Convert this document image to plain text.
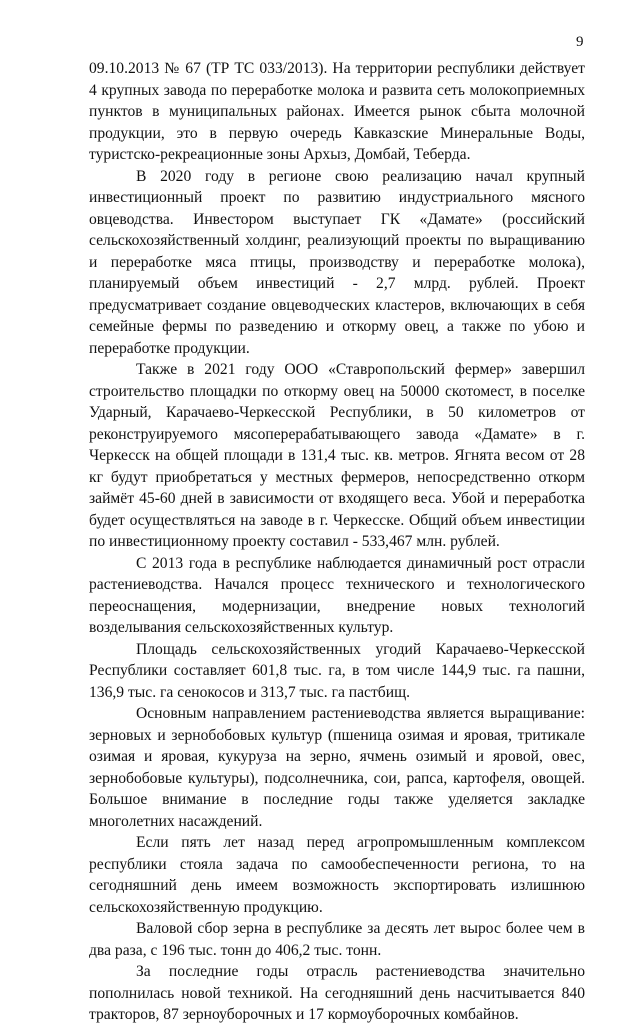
9

09.10.2013 № 67 (ТР ТС 033/2013). На территории республики действует 4 крупных завода по переработке молока и развита сеть молокоприемных пунктов в муниципальных районах. Имеется рынок сбыта молочной продукции, это в первую очередь Кавказские Минеральные Воды, туристско-рекреационные зоны Архыз, Домбай, Теберда.

В 2020 году в регионе свою реализацию начал крупный инвестиционный проект по развитию индустриального мясного овцеводства. Инвестором выступает ГК «Дамате» (российский сельскохозяйственный холдинг, реализующий проекты по выращиванию и переработке мяса птицы, производству и переработке молока), планируемый объем инвестиций - 2,7 млрд. рублей. Проект предусматривает создание овцеводческих кластеров, включающих в себя семейные фермы по разведению и откорму овец, а также по убою и переработке продукции.

Также в 2021 году ООО «Ставропольский фермер» завершил строительство площадки по откорму овец на 50000 скотомест, в поселке Ударный, Карачаево-Черкесской Республики, в 50 километров от реконструируемого мясоперерабатывающего завода «Дамате» в г. Черкесск на общей площади в 131,4 тыс. кв. метров. Ягнята весом от 28 кг будут приобретаться у местных фермеров, непосредственно откорм займёт 45-60 дней в зависимости от входящего веса. Убой и переработка будет осуществляться на заводе в г. Черкесске. Общий объем инвестиции по инвестиционному проекту составил - 533,467 млн. рублей.

С 2013 года в республике наблюдается динамичный рост отрасли растениеводства. Начался процесс технического и технологического переоснащения, модернизации, внедрение новых технологий возделывания сельскохозяйственных культур.

Площадь сельскохозяйственных угодий Карачаево-Черкесской Республики составляет 601,8 тыс. га, в том числе 144,9 тыс. га пашни, 136,9 тыс. га сенокосов и 313,7 тыс. га пастбищ.

Основным направлением растениеводства является выращивание: зерновых и зернобобовых культур (пшеница озимая и яровая, тритикале озимая и яровая, кукуруза на зерно, ячмень озимый и яровой, овес, зернобобовые культуры), подсолнечника, сои, рапса, картофеля, овощей. Большое внимание в последние годы также уделяется закладке многолетних насаждений.

Если пять лет назад перед агропромышленным комплексом республики стояла задача по самообеспеченности региона, то на сегодняшний день имеем возможность экспортировать излишнюю сельскохозяйственную продукцию.

Валовой сбор зерна в республике за десять лет вырос более чем в два раза, с 196 тыс. тонн до 406,2 тыс. тонн.

За последние годы отрасль растениеводства значительно пополнилась новой техникой. На сегодняшний день насчитывается 840 тракторов, 87 зерноуборочных и 17 кормоуборочных комбайнов.
